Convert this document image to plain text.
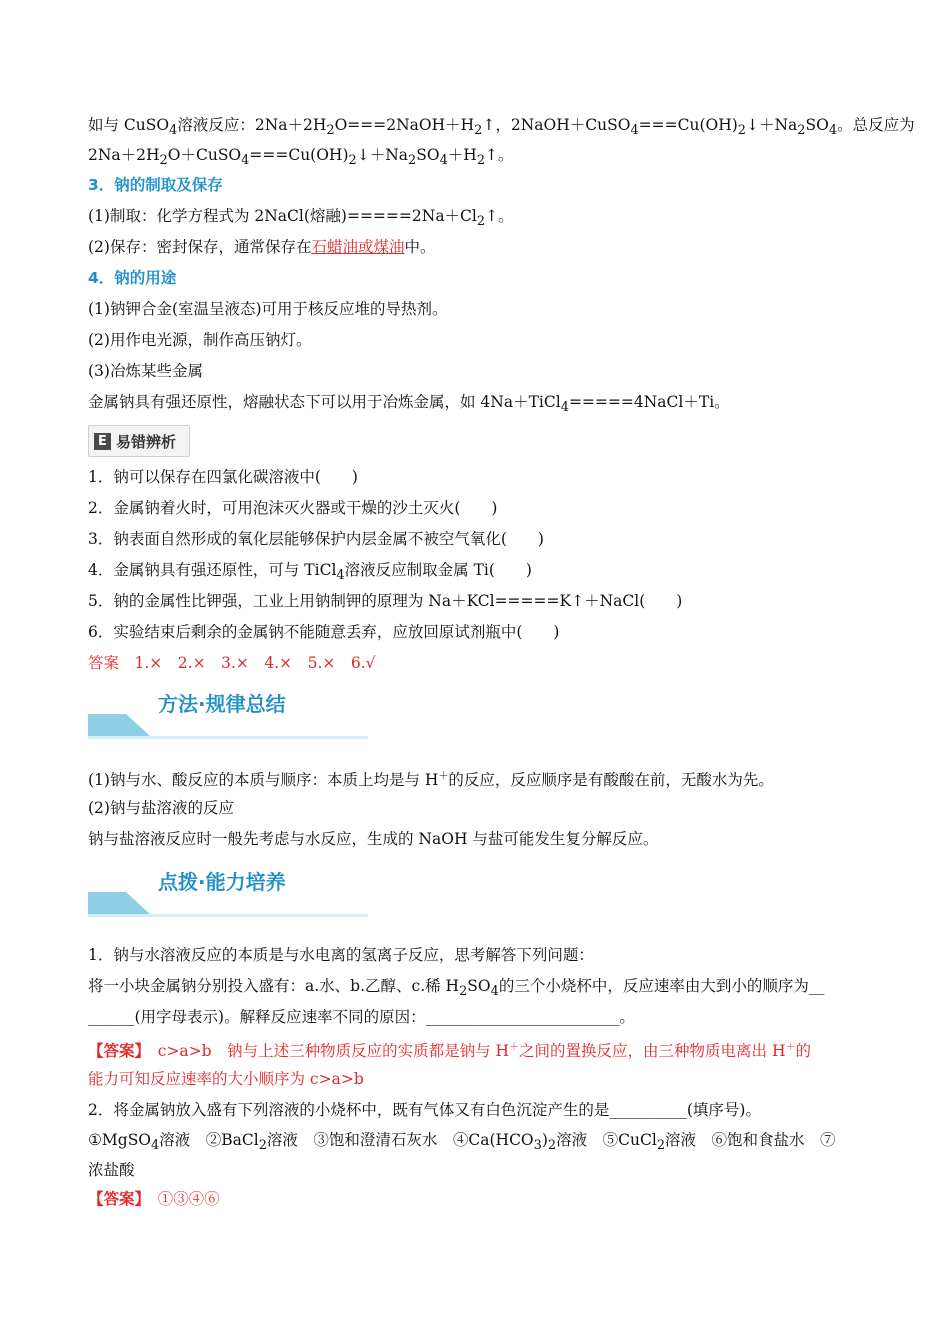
如与 CuSO$_4$溶液反应：$2Na+2H_2O===2NaOH+H_2↑$，$2NaOH+CuSO_4===Cu(OH)_2↓+Na_2SO_4$。总反应为
$2Na+2H_2O+CuSO_4===Cu(OH)_2↓+Na_2SO_4+H_2↑$。
3．钠的制取及保存
(1)制取：化学方程式为 2NaCl(熔融)$=====2Na+Cl_2↑$。
(2)保存：密封保存，通常保存在石蜡油或煤油中。
4．钠的用途
(1)钠钾合金(室温呈液态)可用于核反应堆的导热剂。
(2)用作电光源，制作高压钠灯。
(3)冶炼某些金属
金属钠具有强还原性，熔融状态下可以用于冶炼金属，如 4Na＋TiCl$_4$=====4NaCl＋Ti。
E 易错辨析
1．钠可以保存在四氯化碳溶液中(　　)
2．金属钠着火时，可用泡沫灭火器或干燥的沙土灭火(　　)
3．钠表面自然形成的氧化层能够保护内层金属不被空气氧化(　　)
4．金属钠具有强还原性，可与 TiCl$_4$溶液反应制取金属 Ti(　　)
5．钠的金属性比钾强，工业上用钠制钾的原理为 Na＋KCl=====K↑＋NaCl(　　)
6．实验结束后剩余的金属钠不能随意丢弃，应放回原试剂瓶中(　　)
答案　1.×　2.×　3.×　4.×　5.×　6.√
方法·规律总结
(1)钠与水、酸反应的本质与顺序：本质上均是与 H＋的反应，反应顺序是有酸酸在前，无酸水为先。
(2)钠与盐溶液的反应
钠与盐溶液反应时一般先考虑与水反应，生成的 NaOH 与盐可能发生复分解反应。
点拨·能力培养
1．钠与水溶液反应的本质是与水电离的氢离子反应，思考解答下列问题：
将一小块金属钠分别投入盛有：a.水、b.乙醇、c.稀 $H_2SO_4$的三个小烧杯中，反应速率由大到小的顺序为__
______(用字母表示)。解释反应速率不同的原因：_________________________。
【答案】　c>a>b　钠与上述三种物质反应的实质都是钠与 H＋之间的置换反应，由三种物质电离出 H＋的
能力可知反应速率的大小顺序为 c>a>b
2．将金属钠放入盛有下列溶液的小烧杯中，既有气体又有白色沉淀产生的是__________(填序号)。
①MgSO$_4$溶液　②BaCl$_2$溶液　③饱和澄清石灰水　$④Ca(HCO_3)_2$溶液　⑤CuCl$_2$溶液　⑥饱和食盐水　⑦
浓盐酸
【答案】　①③④⑥
